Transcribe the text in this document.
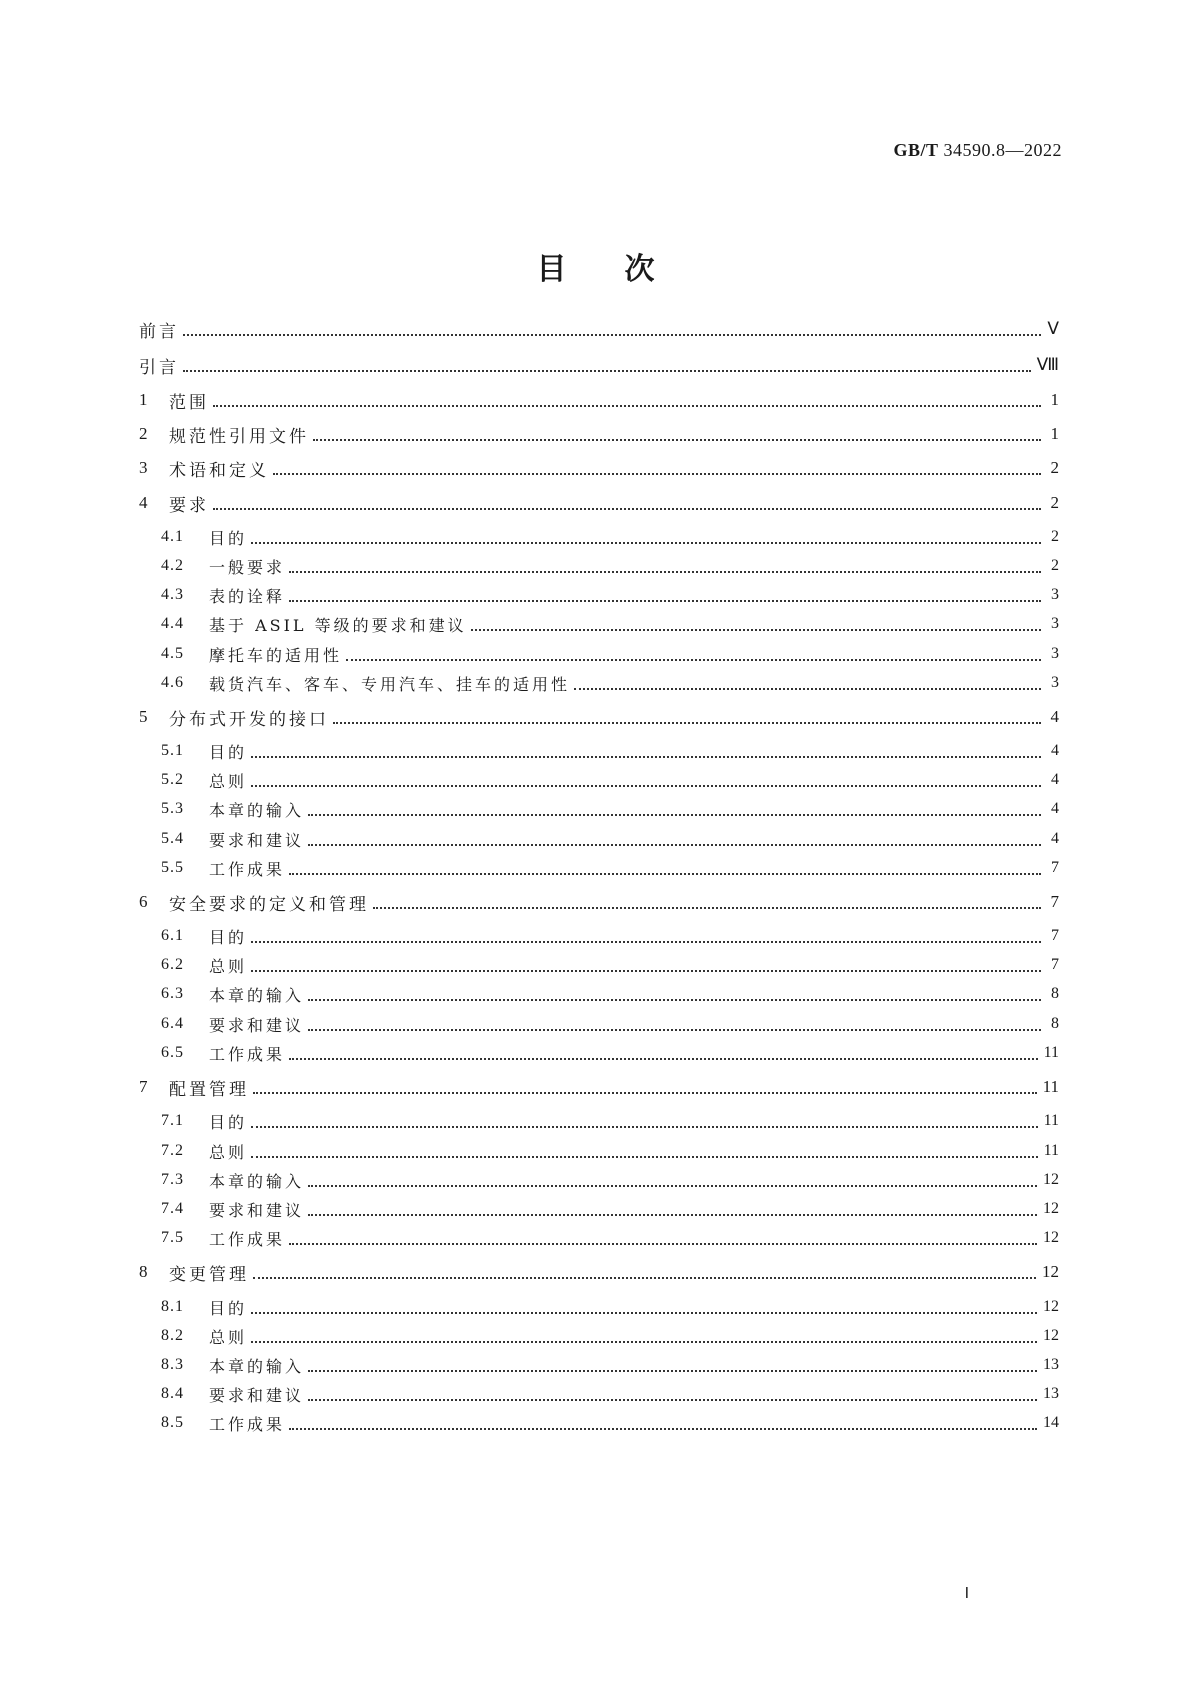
GB/T 34590.8—2022
目次
前言	Ⅴ
引言	Ⅷ
1	范围	1
2	规范性引用文件	1
3	术语和定义	2
4	要求	2
4.1	目的	2
4.2	一般要求	2
4.3	表的诠释	3
4.4	基于 ASIL 等级的要求和建议	3
4.5	摩托车的适用性	3
4.6	载货汽车、客车、专用汽车、挂车的适用性	3
5	分布式开发的接口	4
5.1	目的	4
5.2	总则	4
5.3	本章的输入	4
5.4	要求和建议	4
5.5	工作成果	7
6	安全要求的定义和管理	7
6.1	目的	7
6.2	总则	7
6.3	本章的输入	8
6.4	要求和建议	8
6.5	工作成果	11
7	配置管理	11
7.1	目的	11
7.2	总则	11
7.3	本章的输入	12
7.4	要求和建议	12
7.5	工作成果	12
8	变更管理	12
8.1	目的	12
8.2	总则	12
8.3	本章的输入	13
8.4	要求和建议	13
8.5	工作成果	14
Ⅰ
